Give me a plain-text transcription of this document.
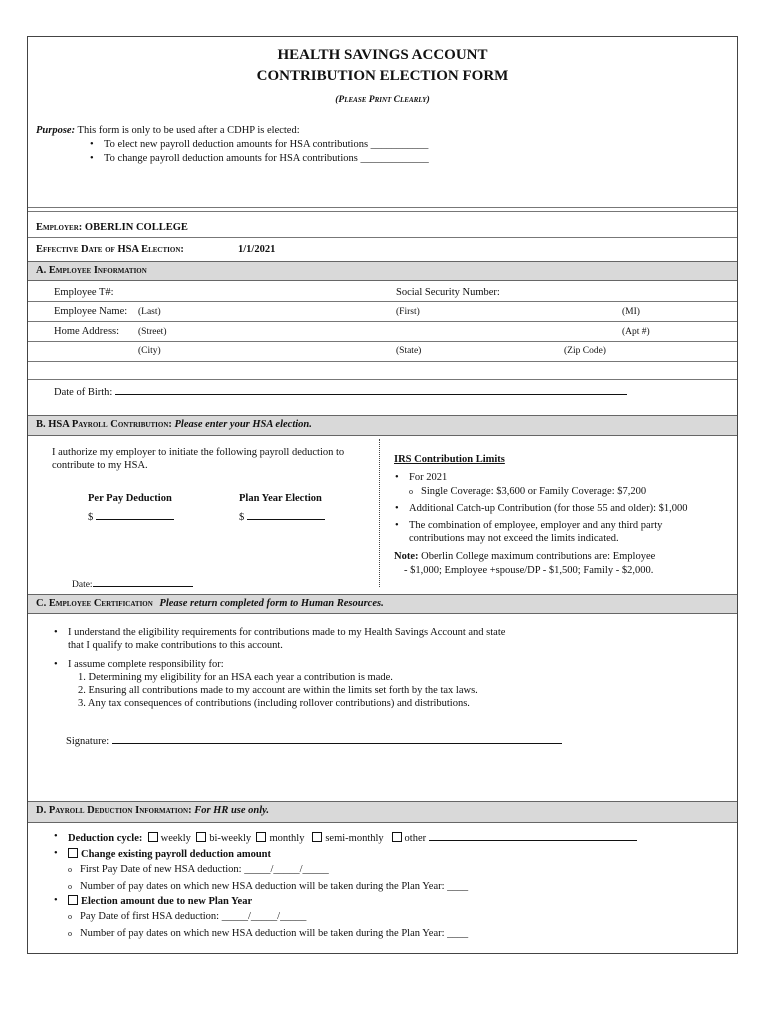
HEALTH SAVINGS ACCOUNT
CONTRIBUTION ELECTION FORM
(Please Print Clearly)
Purpose: This form is only to be used after a CDHP is elected:
• To elect new payroll deduction amounts for HSA contributions ___________
• To change payroll deduction amounts for HSA contributions _____________
Employer: OBERLIN COLLEGE
Effective Date of HSA Election:	1/1/2021
A. Employee Information
Employee T#:	Social Security Number:
Employee Name: (Last)	(First)	(MI)
Home Address: (Street)	(Apt #)
(City)	(State)	(Zip Code)
Date of Birth:
B. HSA Payroll Contribution: Please enter your HSA election.
I authorize my employer to initiate the following payroll deduction to
contribute to my HSA.
Per Pay Deduction	Plan Year Election
$	$
Date:
IRS Contribution Limits
• For 2021
o Single Coverage: $3,600 or Family Coverage: $7,200
• Additional Catch-up Contribution (for those 55 and older): $1,000
• The combination of employee, employer and any third party
contributions may not exceed the limits indicated.
Note: Oberlin College maximum contributions are: Employee
- $1,000; Employee +spouse/DP - $1,500; Family - $2,000.
C. Employee Certification Please return completed form to Human Resources.
• I understand the eligibility requirements for contributions made to my Health Savings Account and state
that I qualify to make contributions to this account.
• I assume complete responsibility for:
1. Determining my eligibility for an HSA each year a contribution is made.
2. Ensuring all contributions made to my account are within the limits set forth by the tax laws.
3. Any tax consequences of contributions (including rollover contributions) and distributions.
Signature:
D. Payroll Deduction Information: For HR use only.
• Deduction cycle: weekly bi-weekly monthly semi-monthly other
• Change existing payroll deduction amount
o First Pay Date of new HSA deduction: _____/_____/_____
o Number of pay dates on which new HSA deduction will be taken during the Plan Year: ____
• Election amount due to new Plan Year
o Pay Date of first HSA deduction: _____/_____/_____
o Number of pay dates on which new HSA deduction will be taken during the Plan Year: ____
